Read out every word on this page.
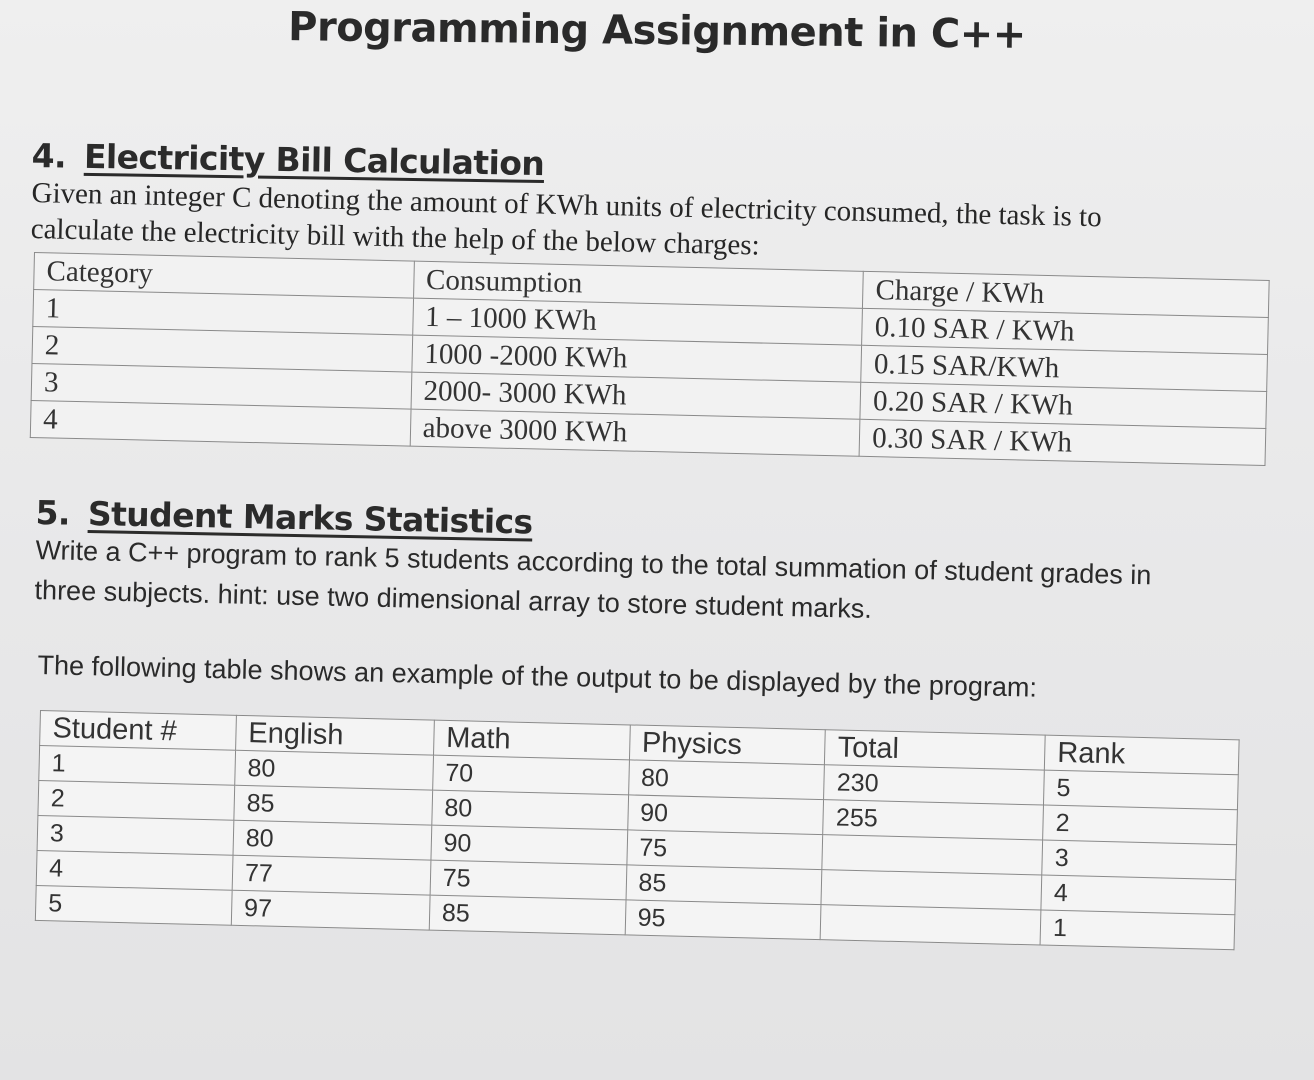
Programming Assignment in C++
4. Electricity Bill Calculation
Given an integer C denoting the amount of KWh units of electricity consumed, the task is to calculate the electricity bill with the help of the below charges:
Category	Consumption	Charge / KWh
1	1 – 1000 KWh	0.10 SAR / KWh
2	1000 -2000 KWh	0.15 SAR/KWh
3	2000- 3000 KWh	0.20 SAR / KWh
4	above 3000 KWh	0.30 SAR / KWh
5. Student Marks Statistics
Write a C++ program to rank 5 students according to the total summation of student grades in three subjects. hint: use two dimensional array to store student marks.
The following table shows an example of the output to be displayed by the program:
Student #	English	Math	Physics	Total	Rank
1	80	70	80	230	5
2	85	80	90	255	2
3	80	90	75		3
4	77	75	85		4
5	97	85	95		1
